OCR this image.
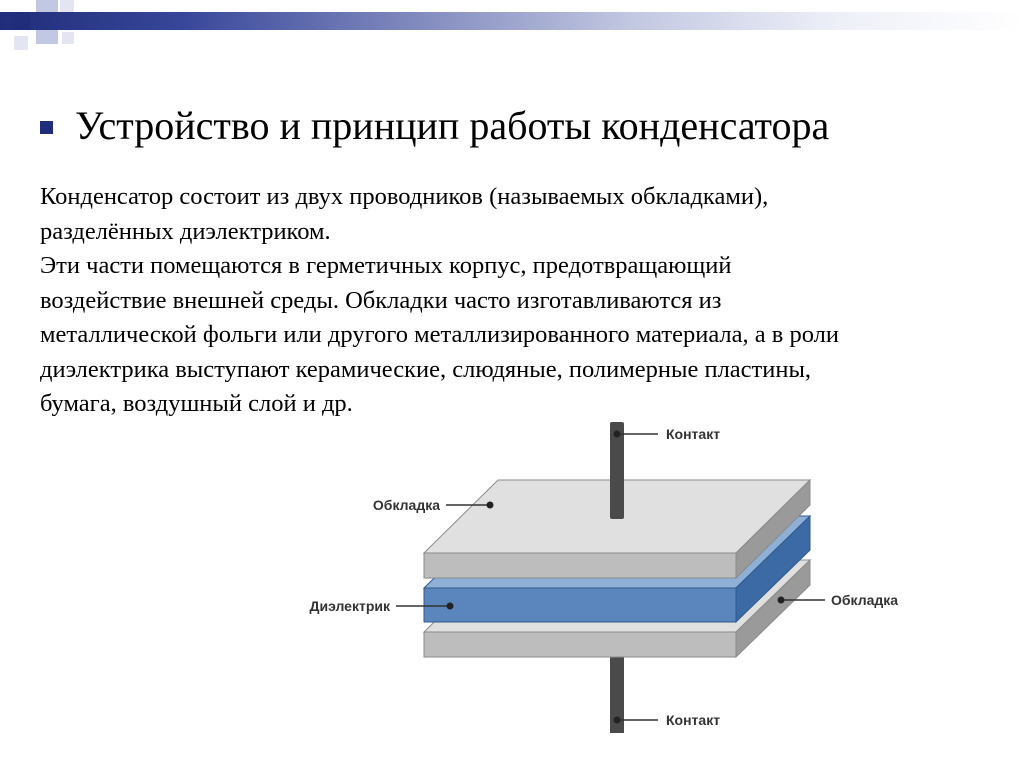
Устройство и принцип работы конденсатора
Конденсатор состоит из двух проводников (называемых обкладками),
разделённых диэлектриком.
Эти части помещаются в герметичных корпус, предотвращающий
воздействие внешней среды. Обкладки часто изготавливаются из
металлической фольги или другого металлизированного материала, а в роли
диэлектрика выступают керамические, слюдяные, полимерные пластины,
бумага, воздушный слой и др.
Контакт
Обкладка
Диэлектрик	Обкладка
Контакт
